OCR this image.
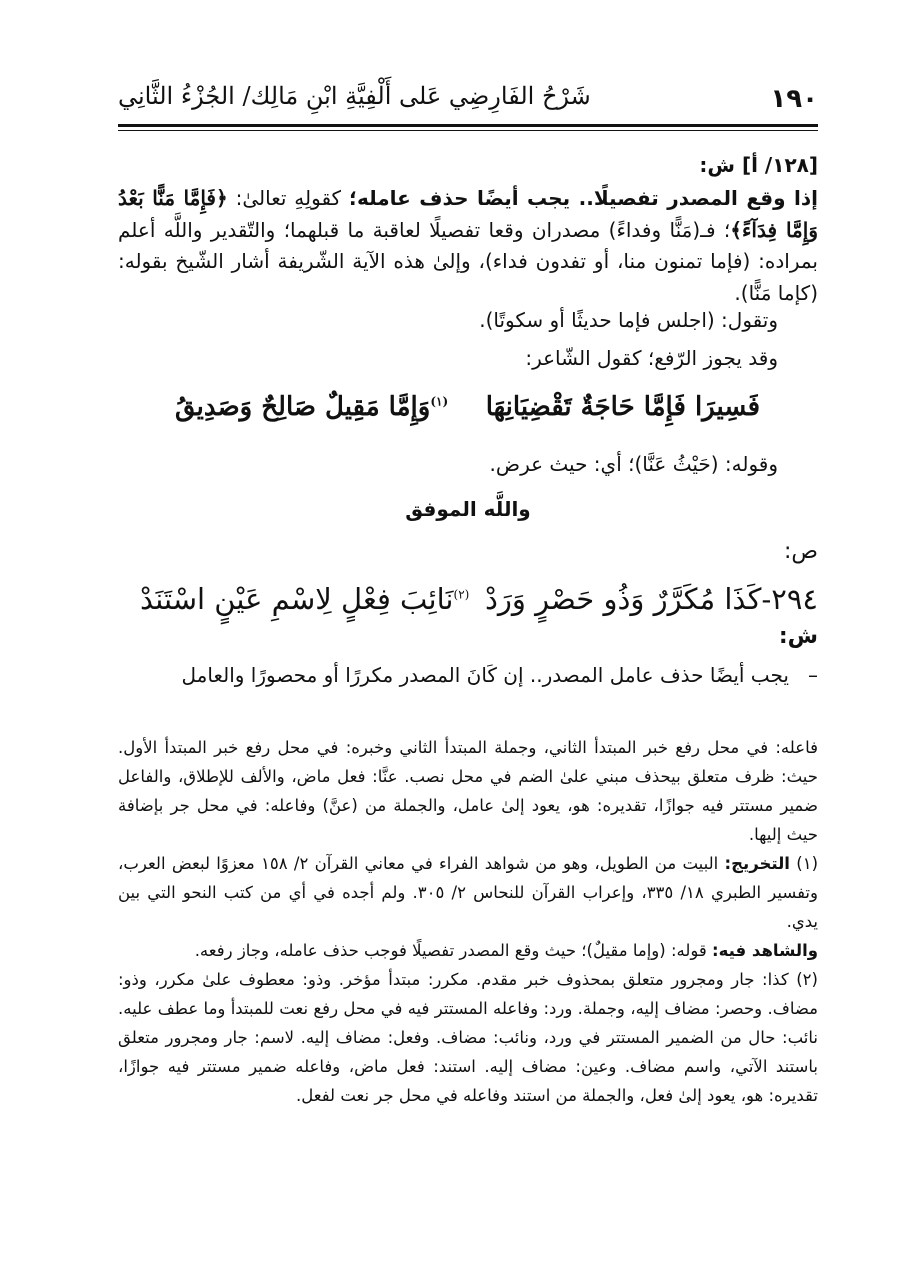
١٩٠
شَرْحُ الفَارِضِي عَلى أَلْفِيَّةِ ابْنِ مَالِك/ الجُزْءُ الثَّانِي
[١٢٨/ أ] ش:
إذا وقع المصدر تفصيلًا.. يجب أيضًا حذف عامله؛ كقولِهِ تعالىٰ: ﴿فَإِمَّا مَنًّا بَعْدُ وَإِمَّا فِدَآءً﴾؛ فـ(مَنًّا وفداءً) مصدران وقعا تفصيلًا لعاقبة ما قبلهما؛ والتّقدير واللَّه أعلم بمراده: (فإما تمنون منا، أو تفدون فداء)، وإلىٰ هذه الآية الشّريفة أشار الشّيخ بقوله: (كإما مَنًّا).
وتقول: (اجلس فإما حديثًا أو سكوتًا).
وقد يجوز الرّفع؛ كقول الشّاعر:
فَسِيرَا فَإِمَّا حَاجَةٌ تَقْضِيَانِهَا
$^{(١)}$وَإِمَّا مَقِيلٌ صَالِحٌ وَصَدِيقُ
وقوله: (حَيْثُ عَنَّا)؛ أي: حيث عرض.
واللَّه الموفق
ص:
٢٩٤-كَذَا مُكَرَّرٌ وَذُو حَصْرٍ وَرَدْ
$^{(٢)}$نَائِبَ فِعْلٍ لِاسْمِ عَيْنٍ اسْتَنَدْ
ش:
–   يجب أيضًا حذف عامل المصدر.. إن كَانَ المصدر مكررًا أو محصورًا والعامل

فاعله: في محل رفع خبر المبتدأ الثاني، وجملة المبتدأ الثاني وخبره: في محل رفع خبر المبتدأ الأول. حيث: ظرف متعلق بيحذف مبني علىٰ الضم في محل نصب. عنَّا: فعل ماض، والألف للإطلاق، والفاعل ضمير مستتر فيه جوازًا، تقديره: هو، يعود إلىٰ عامل، والجملة من (عنَّ) وفاعله: في محل جر بإضافة حيث إليها.

(١) التخريج: البيت من الطويل، وهو من شواهد الفراء في معاني القرآن ٢/ ١٥٨ معزوًا لبعض العرب، وتفسير الطبري ١٨/ ٣٣٥، وإعراب القرآن للنحاس ٢/ ٣٠٥. ولم أجده في أي من كتب النحو التي بين يدي.

والشاهد فيه: قوله: (وإما مقيلٌ)؛ حيث وقع المصدر تفصيلًا فوجب حذف عامله، وجاز رفعه.

(٢) كذا: جار ومجرور متعلق بمحذوف خبر مقدم. مكرر: مبتدأ مؤخر. وذو: معطوف علىٰ مكرر، وذو: مضاف. وحصر: مضاف إليه، وجملة. ورد: وفاعله المستتر فيه في محل رفع نعت للمبتدأ وما عطف عليه. نائب: حال من الضمير المستتر في ورد، ونائب: مضاف. وفعل: مضاف إليه. لاسم: جار ومجرور متعلق باستند الآتي، واسم مضاف. وعين: مضاف إليه. استند: فعل ماض، وفاعله ضمير مستتر فيه جوازًا، تقديره: هو، يعود إلىٰ فعل، والجملة من استند وفاعله في محل جر نعت لفعل.
